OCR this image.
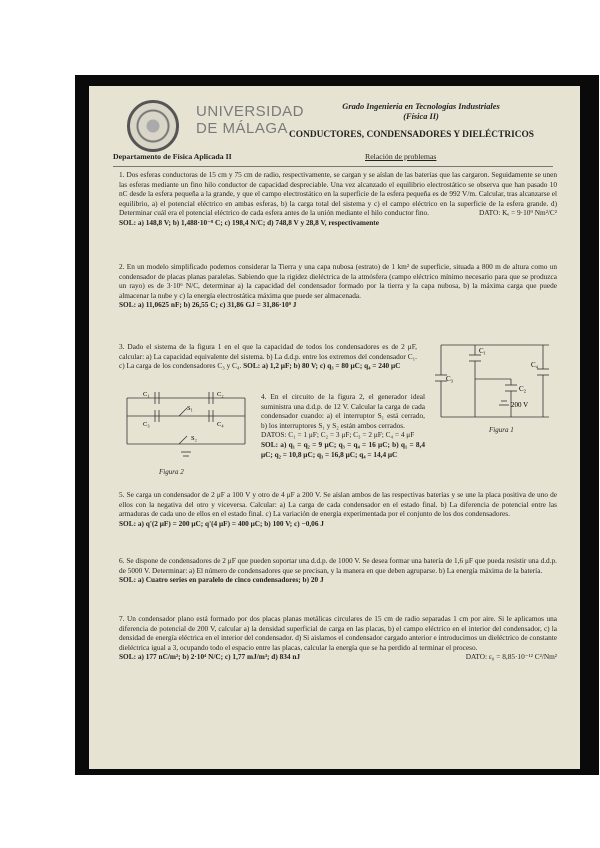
UNIVERSIDAD
DE MÁLAGA
Grado Ingeniería en Tecnologías Industriales
(Física II)
CONDUCTORES, CONDENSADORES Y DIELÉCTRICOS
Departamento de Física Aplicada II	Relación de problemas
1. Dos esferas conductoras de 15 cm y 75 cm de radio, respectivamente, se cargan y se aíslan de las baterías que las cargaron. Seguidamente se unen las esferas mediante un fino hilo conductor de capacidad despreciable. Una vez alcanzado el equilibrio electrostático se observa que han pasado 10 nC desde la esfera pequeña a la grande, y que el campo electrostático en la superficie de la esfera pequeña es de 992 V/m. Calcular, tras alcanzarse el equilibrio, a) el potencial eléctrico en ambas esferas, b) la carga total del sistema y c) el campo eléctrico en la superficie de la esfera grande. d) Determinar cuál era el potencial eléctrico de cada esfera antes de la unión mediante el hilo conductor fino.	DATO: Kₑ = 9·10⁹ Nm²/C²
SOL: a) 148,8 V; b) 1,488·10⁻⁸ C; c) 198,4 N/C; d) 748,8 V y 28,8 V, respectivamente
2. En un modelo simplificado podemos considerar la Tierra y una capa nubosa (estrato) de 1 km² de superficie, situada a 800 m de altura como un condensador de placas planas paralelas. Sabiendo que la rigidez dieléctrica de la atmósfera (campo eléctrico mínimo necesario para que se produzca un rayo) es de 3·10⁶ N/C, determinar a) la capacidad del condensador formado por la tierra y la capa nubosa, b) la máxima carga que puede almacenar la nube y c) la energía electrostática máxima que puede ser almacenada.
SOL: a) 11,0625 nF; b) 26,55 C; c) 31,86 GJ = 31,86·10⁹ J
3. Dado el sistema de la figura 1 en el que la capacidad de todos los condensadores es de 2 μF, calcular: a) La capacidad equivalente del sistema. b) La d.d.p. entre los extremos del condensador C₁. c) La carga de los condensadores C₃ y C₄. SOL: a) 1,2 μF; b) 80 V; c) q₃ = 80 μC; q₄ = 240 μC
C₁
C₂
C₃
C₄
200 V
Figura 1
C₁	C₂
C₃	C₄
S₁
S₂
Figura 2
4. En el circuito de la figura 2, el generador ideal suministra una d.d.p. de 12 V. Calcular la carga de cada condensador cuando: a) el interruptor S₁ está cerrado, b) los interruptores S₁ y S₂ están ambos cerrados.
DATOS: C₁ = 1 μF; C₂ = 3 μF; C₃ = 2 μF; C₄ = 4 μF
SOL: a) q₁ = q₂ = 9 μC; q₃ = q₄ = 16 μC; b) q₁ = 8,4 μC; q₂ = 10,8 μC; q₃ = 16,8 μC; q₄ = 14,4 μC
5. Se carga un condensador de 2 μF a 100 V y otro de 4 μF a 200 V. Se aíslan ambos de las respectivas baterías y se une la placa positiva de uno de ellos con la negativa del otro y viceversa. Calcular: a) La carga de cada condensador en el estado final. b) La diferencia de potencial entre las armaduras de cada uno de ellos en el estado final. c) La variación de energía experimentada por el conjunto de los dos condensadores.
SOL: a) q'(2 μF) = 200 μC; q'(4 μF) = 400 μC; b) 100 V; c) −0,06 J
6. Se dispone de condensadores de 2 μF que pueden soportar una d.d.p. de 1000 V. Se desea formar una batería de 1,6 μF que pueda resistir una d.d.p. de 5000 V. Determinar: a) El número de condensadores que se precisan, y la manera en que deben agruparse. b) La energía máxima de la batería.
SOL: a) Cuatro series en paralelo de cinco condensadores; b) 20 J
7. Un condensador plano está formado por dos placas planas metálicas circulares de 15 cm de radio separadas 1 cm por aire. Si le aplicamos una diferencia de potencial de 200 V, calcular a) la densidad superficial de carga en las placas, b) el campo eléctrico en el interior del condensador, c) la densidad de energía eléctrica en el interior del condensador. d) Si aislamos el condensador cargado anterior e introducimos un dieléctrico de constante dieléctrica igual a 3, ocupando todo el espacio entre las placas, calcular la energía que se ha perdido al terminar el proceso.
DATO: ε₀ = 8,85·10⁻¹² C²/Nm²
SOL: a) 177 nC/m²; b) 2·10⁴ N/C; c) 1,77 mJ/m³; d) 834 nJ
